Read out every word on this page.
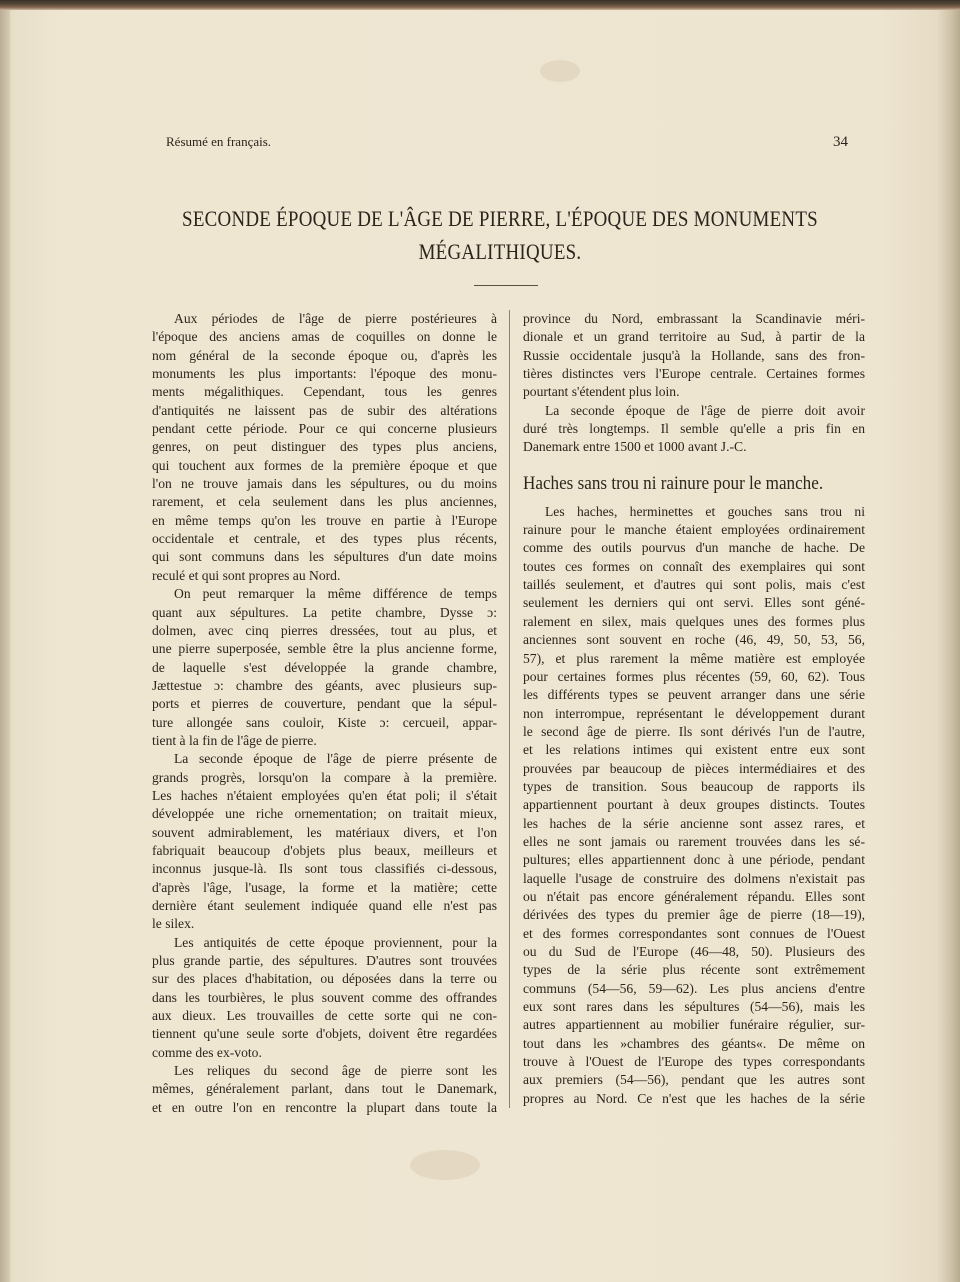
Résumé en français.	34
SECONDE ÉPOQUE DE L'ÂGE DE PIERRE, L'ÉPOQUE DES MONUMENTS
MÉGALITHIQUES.
Aux périodes de l'âge de pierre postérieures à
l'époque des anciens amas de coquilles on donne le
nom général de la seconde époque ou, d'après les
monuments les plus importants: l'époque des monu-
ments mégalithiques. Cependant, tous les genres
d'antiquités ne laissent pas de subir des altérations
pendant cette période. Pour ce qui concerne plusieurs
genres, on peut distinguer des types plus anciens,
qui touchent aux formes de la première époque et que
l'on ne trouve jamais dans les sépultures, ou du moins
rarement, et cela seulement dans les plus anciennes,
en même temps qu'on les trouve en partie à l'Europe
occidentale et centrale, et des types plus récents,
qui sont communs dans les sépultures d'un date moins
reculé et qui sont propres au Nord.
On peut remarquer la même différence de temps
quant aux sépultures. La petite chambre, Dysse ɔ:
dolmen, avec cinq pierres dressées, tout au plus, et
une pierre superposée, semble être la plus ancienne forme,
de laquelle s'est développée la grande chambre,
Jættestue ɔ: chambre des géants, avec plusieurs sup-
ports et pierres de couverture, pendant que la sépul-
ture allongée sans couloir, Kiste ɔ: cercueil, appar-
tient à la fin de l'âge de pierre.
La seconde époque de l'âge de pierre présente de
grands progrès, lorsqu'on la compare à la première.
Les haches n'étaient employées qu'en état poli; il s'était
développée une riche ornementation; on traitait mieux,
souvent admirablement, les matériaux divers, et l'on
fabriquait beaucoup d'objets plus beaux, meilleurs et
inconnus jusque-là. Ils sont tous classifiés ci-dessous,
d'après l'âge, l'usage, la forme et la matière; cette
dernière étant seulement indiquée quand elle n'est pas
le silex.
Les antiquités de cette époque proviennent, pour la
plus grande partie, des sépultures. D'autres sont trouvées
sur des places d'habitation, ou déposées dans la terre ou
dans les tourbières, le plus souvent comme des offrandes
aux dieux. Les trouvailles de cette sorte qui ne con-
tiennent qu'une seule sorte d'objets, doivent être regardées
comme des ex-voto.
Les reliques du second âge de pierre sont les
mêmes, généralement parlant, dans tout le Danemark,
et en outre l'on en rencontre la plupart dans toute la
province du Nord, embrassant la Scandinavie méri-
dionale et un grand territoire au Sud, à partir de la
Russie occidentale jusqu'à la Hollande, sans des fron-
tières distinctes vers l'Europe centrale. Certaines formes
pourtant s'étendent plus loin.
La seconde époque de l'âge de pierre doit avoir
duré très longtemps. Il semble qu'elle a pris fin en
Danemark entre 1500 et 1000 avant J.-C.
Haches sans trou ni rainure pour le manche.
Les haches, herminettes et gouches sans trou ni
rainure pour le manche étaient employées ordinairement
comme des outils pourvus d'un manche de hache. De
toutes ces formes on connaît des exemplaires qui sont
taillés seulement, et d'autres qui sont polis, mais c'est
seulement les derniers qui ont servi. Elles sont géné-
ralement en silex, mais quelques unes des formes plus
anciennes sont souvent en roche (46, 49, 50, 53, 56,
57), et plus rarement la même matière est employée
pour certaines formes plus récentes (59, 60, 62). Tous
les différents types se peuvent arranger dans une série
non interrompue, représentant le développement durant
le second âge de pierre. Ils sont dérivés l'un de l'autre,
et les relations intimes qui existent entre eux sont
prouvées par beaucoup de pièces intermédiaires et des
types de transition. Sous beaucoup de rapports ils
appartiennent pourtant à deux groupes distincts. Toutes
les haches de la série ancienne sont assez rares, et
elles ne sont jamais ou rarement trouvées dans les sé-
pultures; elles appartiennent donc à une période, pendant
laquelle l'usage de construire des dolmens n'existait pas
ou n'était pas encore généralement répandu. Elles sont
dérivées des types du premier âge de pierre (18—19),
et des formes correspondantes sont connues de l'Ouest
ou du Sud de l'Europe (46—48, 50). Plusieurs des
types de la série plus récente sont extrêmement
communs (54—56, 59—62). Les plus anciens d'entre
eux sont rares dans les sépultures (54—56), mais les
autres appartiennent au mobilier funéraire régulier, sur-
tout dans les »chambres des géants«. De même on
trouve à l'Ouest de l'Europe des types correspondants
aux premiers (54—56), pendant que les autres sont
propres au Nord. Ce n'est que les haches de la série
